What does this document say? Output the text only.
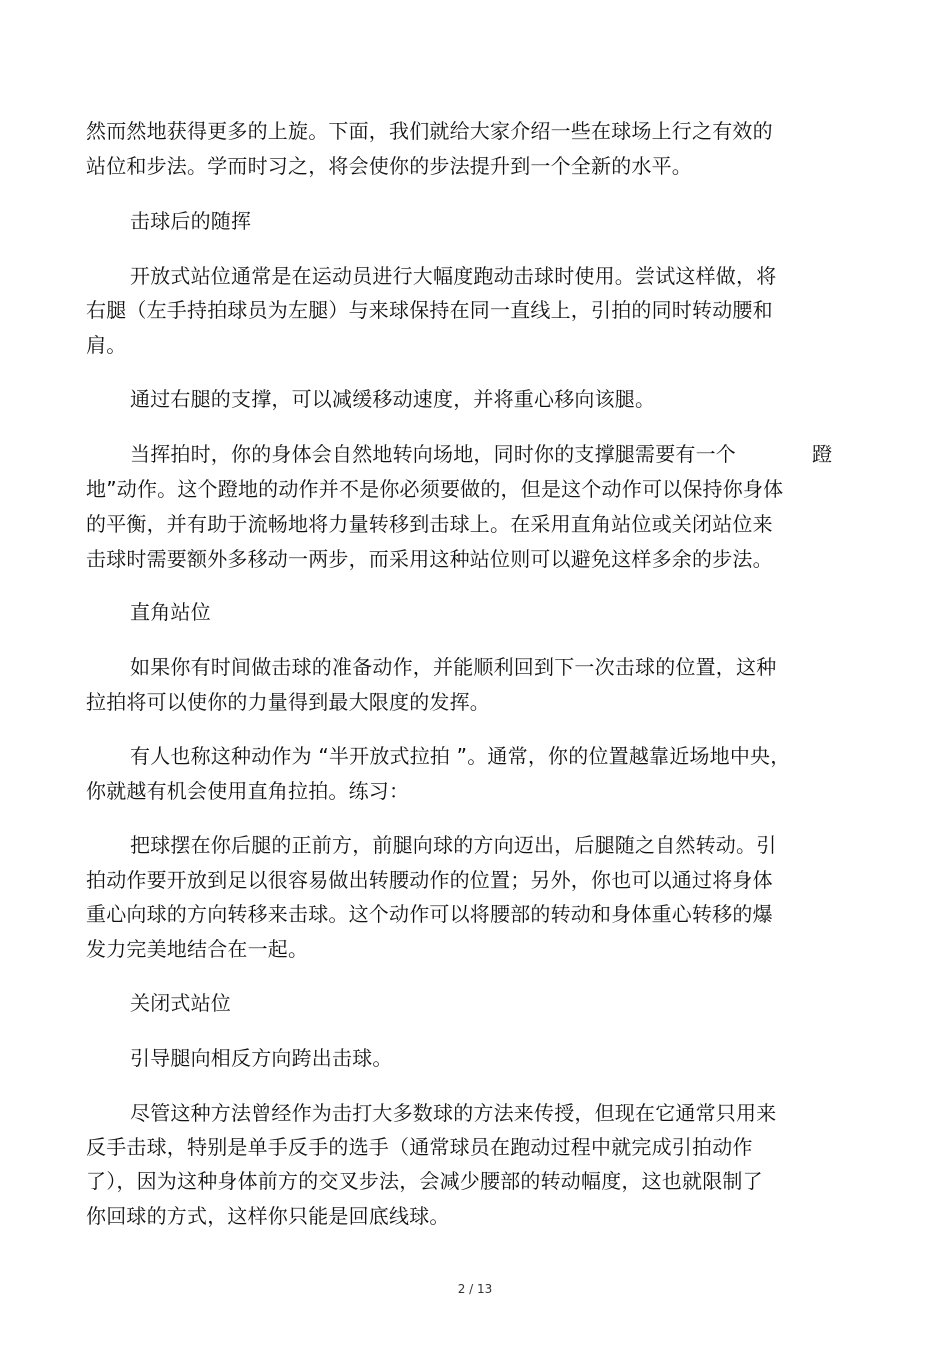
然而然地获得更多的上旋。下面，我们就给大家介绍一些在球场上行之有效的
站位和步法。学而时习之，将会使你的步法提升到一个全新的水平。
击球后的随挥
开放式站位通常是在运动员进行大幅度跑动击球时使用。尝试这样做，将
右腿（左手持拍球员为左腿）与来球保持在同一直线上，引拍的同时转动腰和
肩。
通过右腿的支撑，可以减缓移动速度，并将重心移向该腿。
当挥拍时，你的身体会自然地转向场地，同时你的支撑腿需要有一个	蹬
地”动作。这个蹬地的动作并不是你必须要做的，但是这个动作可以保持你身体
的平衡，并有助于流畅地将力量转移到击球上。在采用直角站位或关闭站位来
击球时需要额外多移动一两步，而采用这种站位则可以避免这样多余的步法。
直角站位
如果你有时间做击球的准备动作，并能顺利回到下一次击球的位置，这种
拉拍将可以使你的力量得到最大限度的发挥。
有人也称这种动作为 “半开放式拉拍 ”。通常，你的位置越靠近场地中央，
你就越有机会使用直角拉拍。练习：
把球摆在你后腿的正前方，前腿向球的方向迈出，后腿随之自然转动。引
拍动作要开放到足以很容易做出转腰动作的位置；另外，你也可以通过将身体
重心向球的方向转移来击球。这个动作可以将腰部的转动和身体重心转移的爆
发力完美地结合在一起。
关闭式站位
引导腿向相反方向跨出击球。
尽管这种方法曾经作为击打大多数球的方法来传授，但现在它通常只用来
反手击球，特别是单手反手的选手（通常球员在跑动过程中就完成引拍动作
了），因为这种身体前方的交叉步法，会减少腰部的转动幅度，这也就限制了
你回球的方式，这样你只能是回底线球。
2 / 13
